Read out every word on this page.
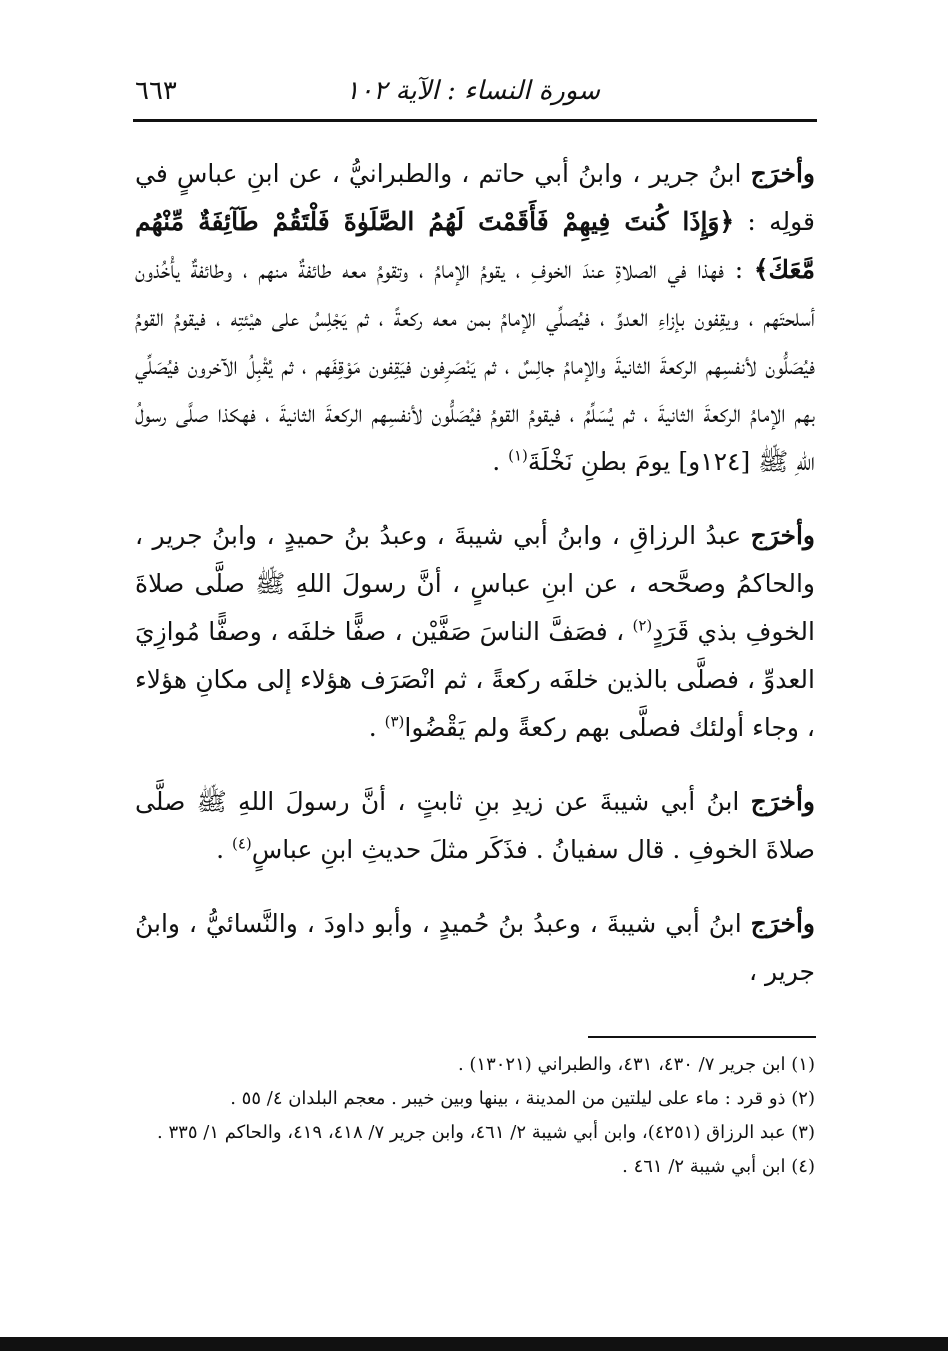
سورة النساء : الآية ١٠٢
٦٦٣

وأخرَج ابنُ جرير ، وابنُ أبي حاتم ، والطبرانيُّ ، عن ابنِ عباسٍ في قولِه : ﴿وَإِذَا كُنتَ فِيهِمْ فَأَقَمْتَ لَهُمُ الصَّلَوٰةَ فَلْتَقُمْ طَآئِفَةٌ مِّنْهُم مَّعَكَ﴾ : فهذا في الصلاةِ عندَ الخوفِ ، يقومُ الإمامُ ، وتقومُ معه طائفةٌ منهم ، وطائفةٌ يأْخُذون أسلحتَهم ، ويقِفون بإزاءِ العدوِّ ، فيُصلِّي الإمامُ بمن معه ركعةً ، ثم يَجْلِسُ على هيْئتِه ، فيقومُ القومُ فيُصَلُّون لأنفسِهم الركعةَ الثانيةَ والإمامُ جالِسٌ ، ثم يَنْصَرِفون فيَقِفون مَوْقِفَهم ، ثم يُقْبِلُ الآخرون فيُصَلِّي بهم الإمامُ الركعةَ الثانيةَ ، ثم يُسَلِّمُ ، فيقومُ القومُ فيُصَلُّون لأنفسِهم الركعةَ الثانيةَ ، فهكذا صلَّى رسولُ اللهِ ﷺ [١٢٤و] يومَ بطنِ نَخْلَةَ$^{(١)}$ .

وأخرَج عبدُ الرزاقِ ، وابنُ أبي شيبةَ ، وعبدُ بنُ حميدٍ ، وابنُ جرير ، والحاكمُ وصحَّحه ، عن ابنِ عباسٍ ، أنَّ رسولَ اللهِ ﷺ صلَّى صلاةَ الخوفِ بذي قَرَدٍ$^{(٢)}$ ، فصَفَّ الناسَ صَفَّيْن ، صفًّا خلفَه ، وصفًّا مُوازِيَ العدوِّ ، فصلَّى بالذين خلفَه ركعةً ، ثم انْصَرَف هؤلاء إلى مكانِ هؤلاء ، وجاء أولئك فصلَّى بهم ركعةً ولم يَقْضُوا$^{(٣)}$ .

وأخرَج ابنُ أبي شيبةَ عن زيدِ بنِ ثابتٍ ، أنَّ رسولَ اللهِ ﷺ صلَّى صلاةَ الخوفِ . قال سفيانُ . فذَكَر مثلَ حديثِ ابنِ عباسٍ$^{(٤)}$ .

وأخرَج ابنُ أبي شيبةَ ، وعبدُ بنُ حُميدٍ ، وأبو داودَ ، والنَّسائيُّ ، وابنُ جرير ،

(١) ابن جرير ٧/ ٤٣٠، ٤٣١، والطبراني (١٣٠٢١) .

(٢) ذو قرد : ماء على ليلتين من المدينة ، بينها وبين خيبر . معجم البلدان ٤/ ٥٥ .

(٣) عبد الرزاق (٤٢٥١)، وابن أبي شيبة ٢/ ٤٦١، وابن جرير ٧/ ٤١٨، ٤١٩، والحاكم ١/ ٣٣٥ .

(٤) ابن أبي شيبة ٢/ ٤٦١ .
